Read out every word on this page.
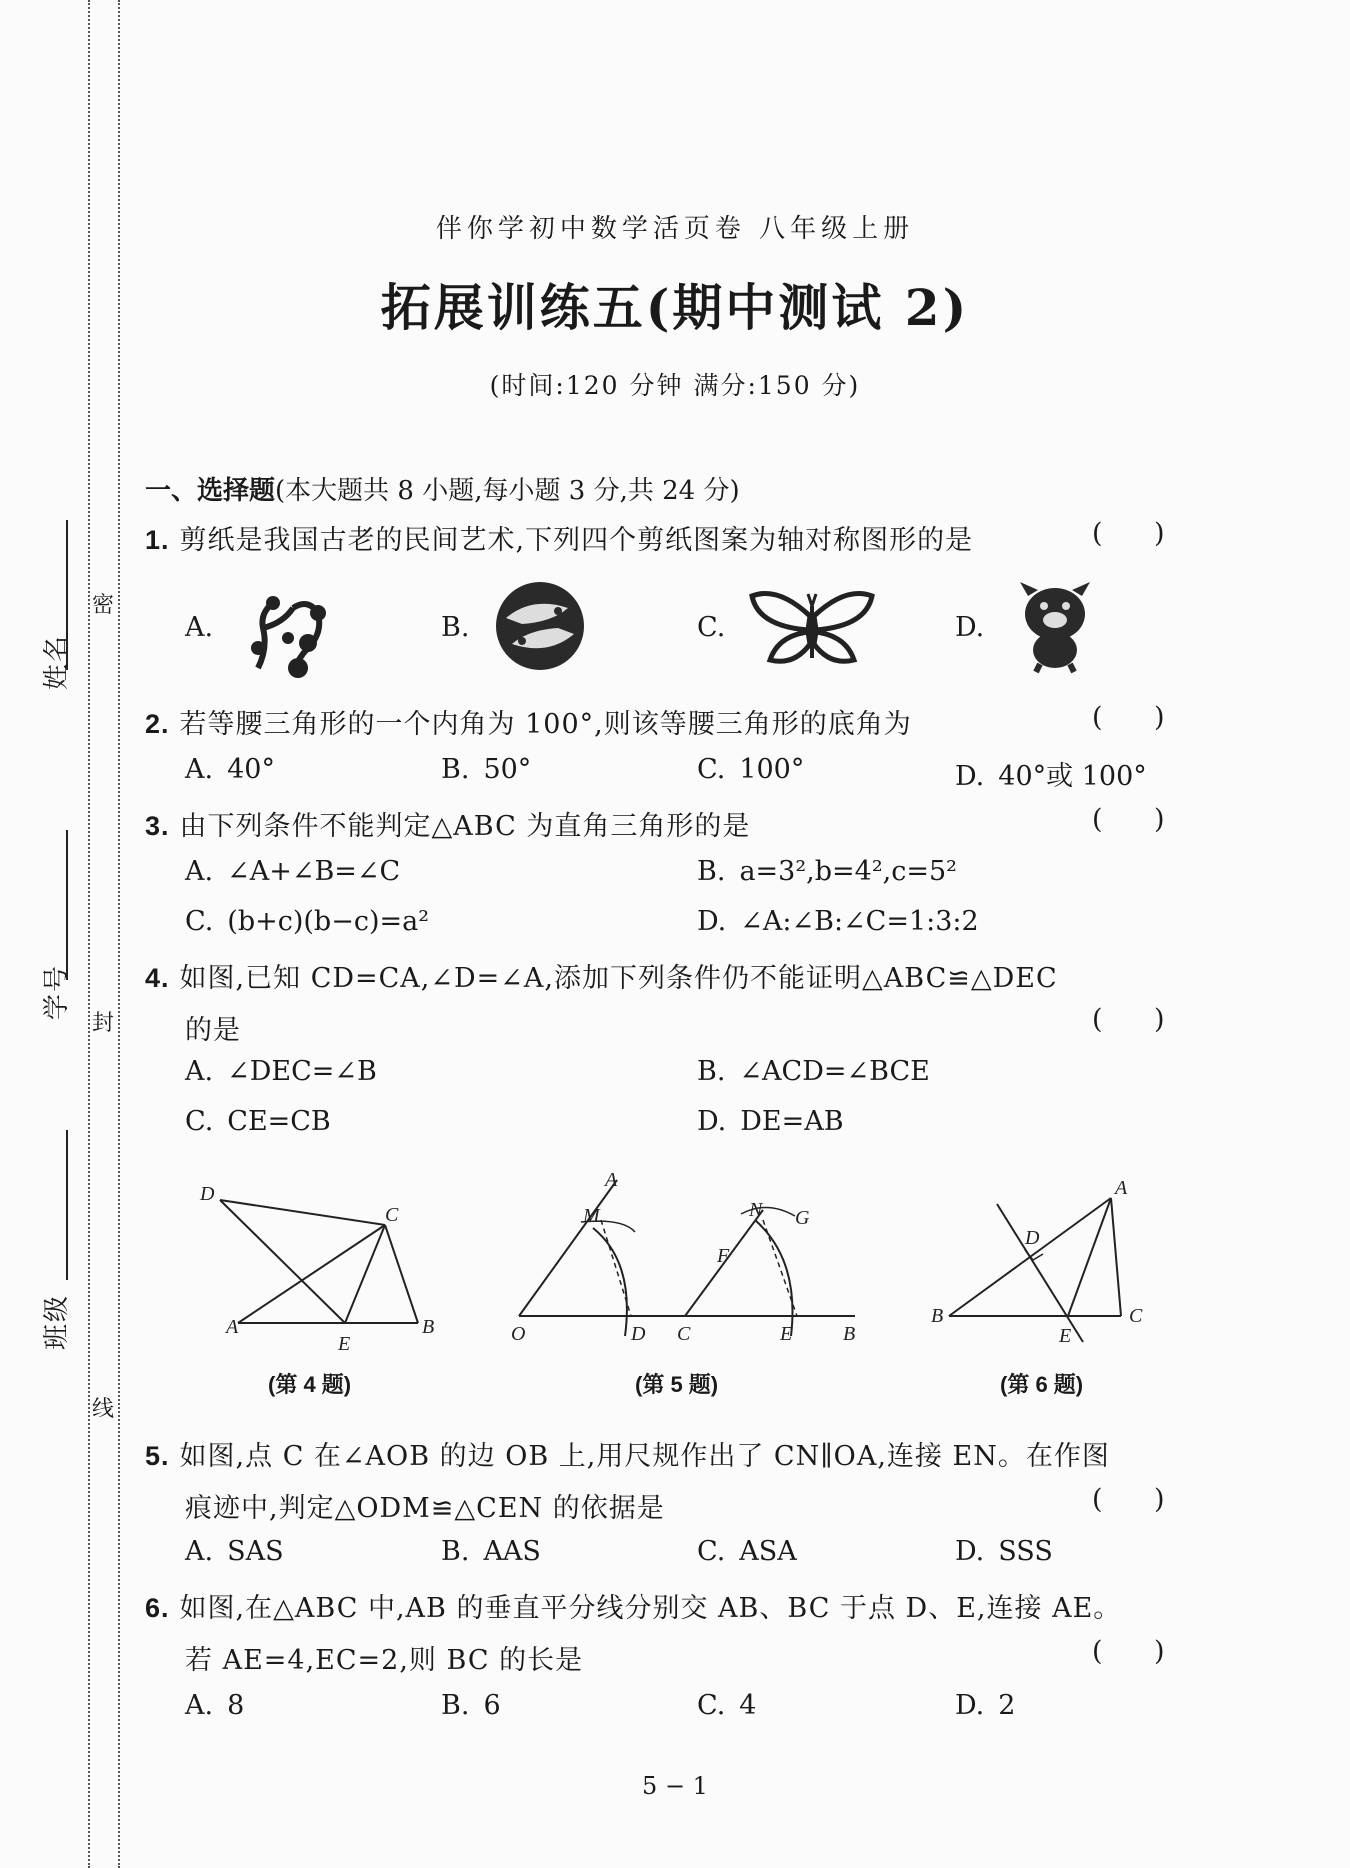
姓名
学号
班级
密
封
线
伴你学初中数学活页卷 八年级上册
拓展训练五(期中测试 2)
(时间:120 分钟 满分:150 分)
一、选择题(本大题共 8 小题,每小题 3 分,共 24 分)
1. 剪纸是我国古老的民间艺术,下列四个剪纸图案为轴对称图形的是	(      )
A.	B.	C.	D.
2. 若等腰三角形的一个内角为 100°,则该等腰三角形的底角为	(      )
A. 40°	B. 50°	C. 100°	D. 40°或 100°
3. 由下列条件不能判定△ABC 为直角三角形的是	(      )
A. ∠A+∠B=∠C	B. a=3²,b=4²,c=5²
C. (b+c)(b−c)=a²	D. ∠A:∠B:∠C=1:3:2
4. 如图,已知 CD=CA,∠D=∠A,添加下列条件仍不能证明△ABC≌△DEC
的是	(      )
A. ∠DEC=∠B	B. ∠ACD=∠BCE
C. CE=CB	D. DE=AB
D
C
A
E
B
(第 4 题)
A
M	N G
F
O	D C	E	B
(第 5 题)
A
D
B
E
C
(第 6 题)
5. 如图,点 C 在∠AOB 的边 OB 上,用尺规作出了 CN∥OA,连接 EN。在作图
痕迹中,判定△ODM≌△CEN 的依据是	(      )
A. SAS	B. AAS	C. ASA	D. SSS
6. 如图,在△ABC 中,AB 的垂直平分线分别交 AB、BC 于点 D、E,连接 AE。
若 AE=4,EC=2,则 BC 的长是	(      )
A. 8	B. 6	C. 4	D. 2
5 − 1
